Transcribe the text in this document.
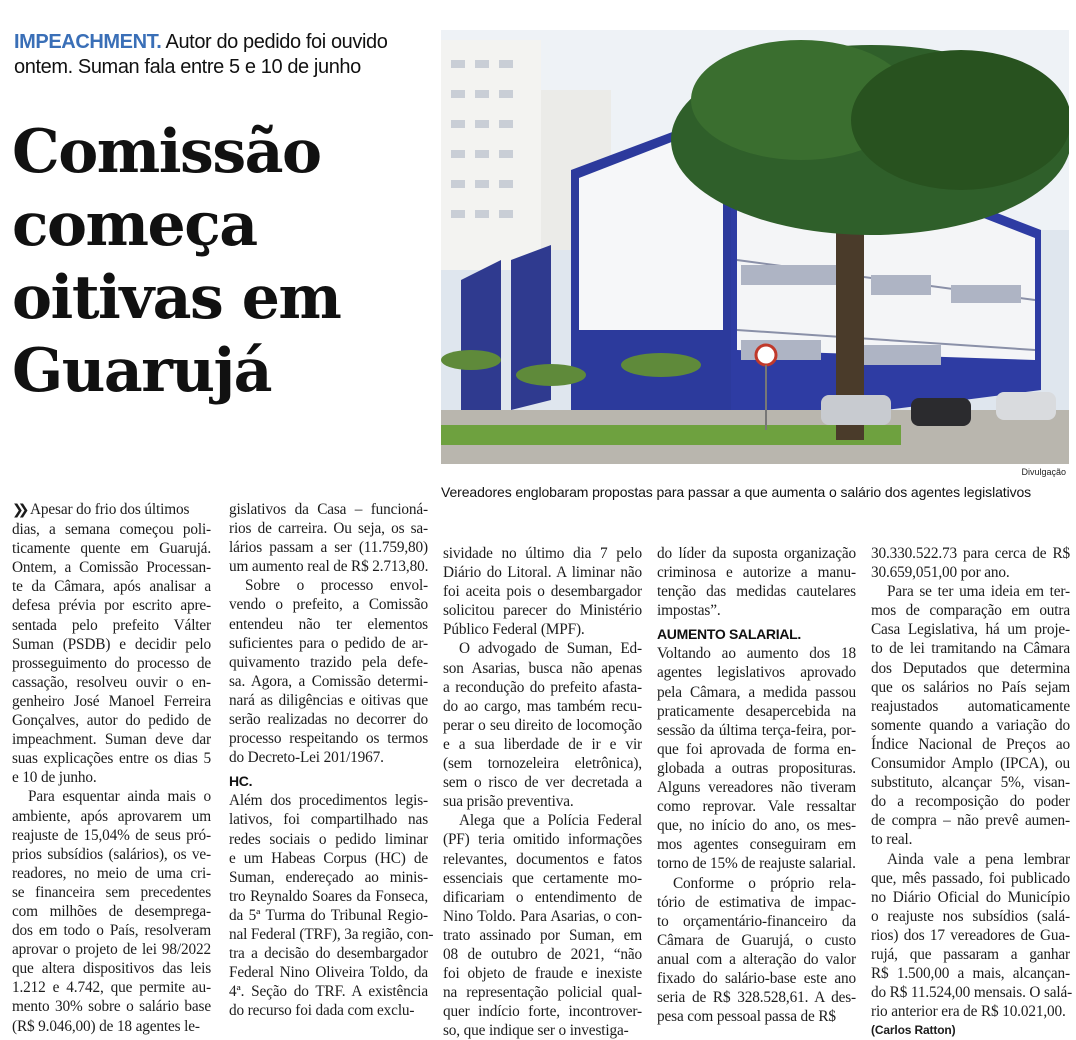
IMPEACHMENT. Autor do pedido foi ouvido
ontem. Suman fala entre 5 e 10 de junho
Comissão
começa
oitivas em
Guarujá
Divulgação
Vereadores englobaram propostas para passar a que aumenta o salário dos agentes legislativos

❯❯ Apesar do frio dos últimos
dias, a semana começou poli-
ticamente quente em Guarujá.
Ontem, a Comissão Processan-
te da Câmara, após analisar a
defesa prévia por escrito apre-
sentada pelo prefeito Válter
Suman (PSDB) e decidir pelo
prosseguimento do processo de
cassação, resolveu ouvir o en-
genheiro José Manoel Ferreira
Gonçalves, autor do pedido de
impeachment. Suman deve dar
suas explicações entre os dias 5
e 10 de junho.

Para esquentar ainda mais o
ambiente, após aprovarem um
reajuste de 15,04% de seus pró-
prios subsídios (salários), os ve-
readores, no meio de uma cri-
se financeira sem precedentes
com milhões de desemprega-
dos em todo o País, resolveram
aprovar o projeto de lei 98/2022
que altera dispositivos das leis
1.212 e 4.742, que permite au-
mento 30% sobre o salário base
(R$ 9.046,00) de 18 agentes le-

gislativos da Casa – funcioná-
rios de carreira. Ou seja, os sa-
lários passam a ser (11.759,80)
um aumento real de R$ 2.713,80.

Sobre o processo envol-
vendo o prefeito, a Comissão
entendeu não ter elementos
suficientes para o pedido de ar-
quivamento trazido pela defe-
sa. Agora, a Comissão determi-
nará as diligências e oitivas que
serão realizadas no decorrer do
processo respeitando os termos
do Decreto-Lei 201/1967.

HC.

Além dos procedimentos legis-
lativos, foi compartilhado nas
redes sociais o pedido liminar
e um Habeas Corpus (HC) de
Suman, endereçado ao minis-
tro Reynaldo Soares da Fonseca,
da 5ª Turma do Tribunal Regio-
nal Federal (TRF), 3a região, con-
tra a decisão do desembargador
Federal Nino Oliveira Toldo, da
4ª. Seção do TRF. A existência
do recurso foi dada com exclu-

sividade no último dia 7 pelo
Diário do Litoral. A liminar não
foi aceita pois o desembargador
solicitou parecer do Ministério
Público Federal (MPF).

O advogado de Suman, Ed-
son Asarias, busca não apenas
a recondução do prefeito afasta-
do ao cargo, mas também recu-
perar o seu direito de locomoção
e a sua liberdade de ir e vir
(sem tornozeleira eletrônica),
sem o risco de ver decretada a
sua prisão preventiva.

Alega que a Polícia Federal
(PF) teria omitido informações
relevantes, documentos e fatos
essenciais que certamente mo-
dificariam o entendimento de
Nino Toldo. Para Asarias, o con-
trato assinado por Suman, em
08 de outubro de 2021, “não
foi objeto de fraude e inexiste
na representação policial qual-
quer indício forte, incontrover-
so, que indique ser o investiga-

do líder da suposta organização
criminosa e autorize a manu-
tenção das medidas cautelares
impostas”.

AUMENTO SALARIAL.

Voltando ao aumento dos 18
agentes legislativos aprovado
pela Câmara, a medida passou
praticamente desapercebida na
sessão da última terça-feira, por-
que foi aprovada de forma en-
globada a outras proposituras.
Alguns vereadores não tiveram
como reprovar. Vale ressaltar
que, no início do ano, os mes-
mos agentes conseguiram em
torno de 15% de reajuste salarial.

Conforme o próprio rela-
tório de estimativa de impac-
to orçamentário-financeiro da
Câmara de Guarujá, o custo
anual com a alteração do valor
fixado do salário-base este ano
seria de R$ 328.528,61. A des-
pesa com pessoal passa de R$

30.330.522.73 para cerca de R$
30.659,051,00 por ano.

Para se ter uma ideia em ter-
mos de comparação em outra
Casa Legislativa, há um proje-
to de lei tramitando na Câmara
dos Deputados que determina
que os salários no País sejam
reajustados automaticamente
somente quando a variação do
Índice Nacional de Preços ao
Consumidor Amplo (IPCA), ou
substituto, alcançar 5%, visan-
do a recomposição do poder
de compra – não prevê aumen-
to real.

Ainda vale a pena lembrar
que, mês passado, foi publicado
no Diário Oficial do Município
o reajuste nos subsídios (salá-
rios) dos 17 vereadores de Gua-
rujá, que passaram a ganhar
R$ 1.500,00 a mais, alcançan-
do R$ 11.524,00 mensais. O salá-
rio anterior era de R$ 10.021,00.

(Carlos Ratton)
